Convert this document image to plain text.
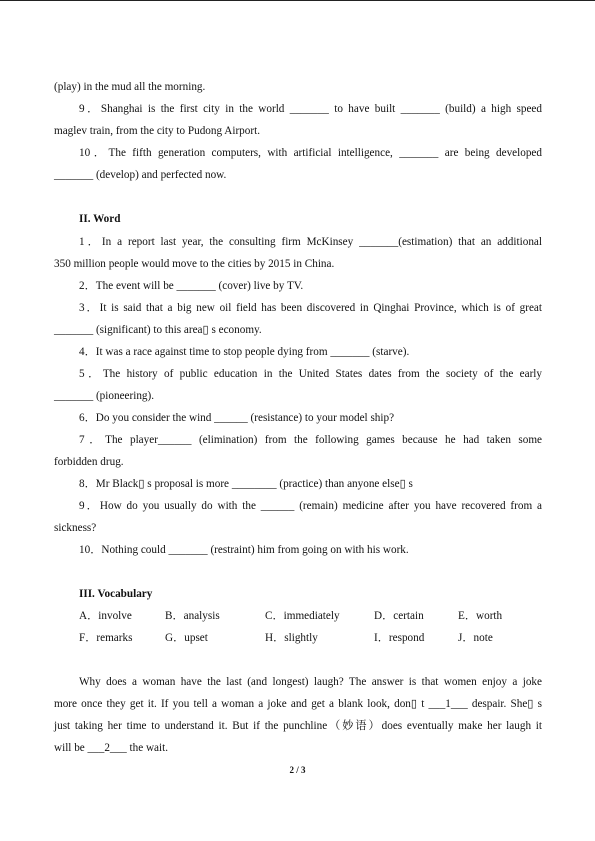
(play) in the mud all the morning.
9．Shanghai is the first city in the world _______ to have built _______ (build) a high speed
maglev train, from the city to Pudong Airport.
10．The fifth generation computers, with artificial intelligence, _______ are being developed
_______ (develop) and perfected now.
II. Word
1．In a report last year, the consulting firm McKinsey _______(estimation) that an additional
350 million people would move to the cities by 2015 in China.
2．The event will be _______ (cover) live by TV.
3．It is said that a big new oil field has been discovered in Qinghai Province, which is of great
_______ (significant) to this area▯ s economy.
4．It was a race against time to stop people dying from _______ (starve).
5．The history of public education in the United States dates from the society of the early
_______ (pioneering).
6．Do you consider the wind ______ (resistance) to your model ship?
7．The player______ (elimination) from the following games because he had taken some
forbidden drug.
8．Mr Black▯ s proposal is more ________ (practice) than anyone else▯ s
9．How do you usually do with the ______ (remain) medicine after you have recovered from a
sickness?
10．Nothing could _______ (restraint) him from going on with his work.
III. Vocabulary
A．involve	B．analysis	C．immediately	D．certain	E．worth
F．remarks	G．upset	H．slightly	I．respond	J．note
Why does a woman have the last (and longest) laugh? The answer is that women enjoy a joke
more once they get it. If you tell a woman a joke and get a blank look, don▯ t ___1___ despair. She▯ s
just taking her time to understand it. But if the punchline（妙语）does eventually make her laugh it
will be ___2___ the wait.
2 / 3
